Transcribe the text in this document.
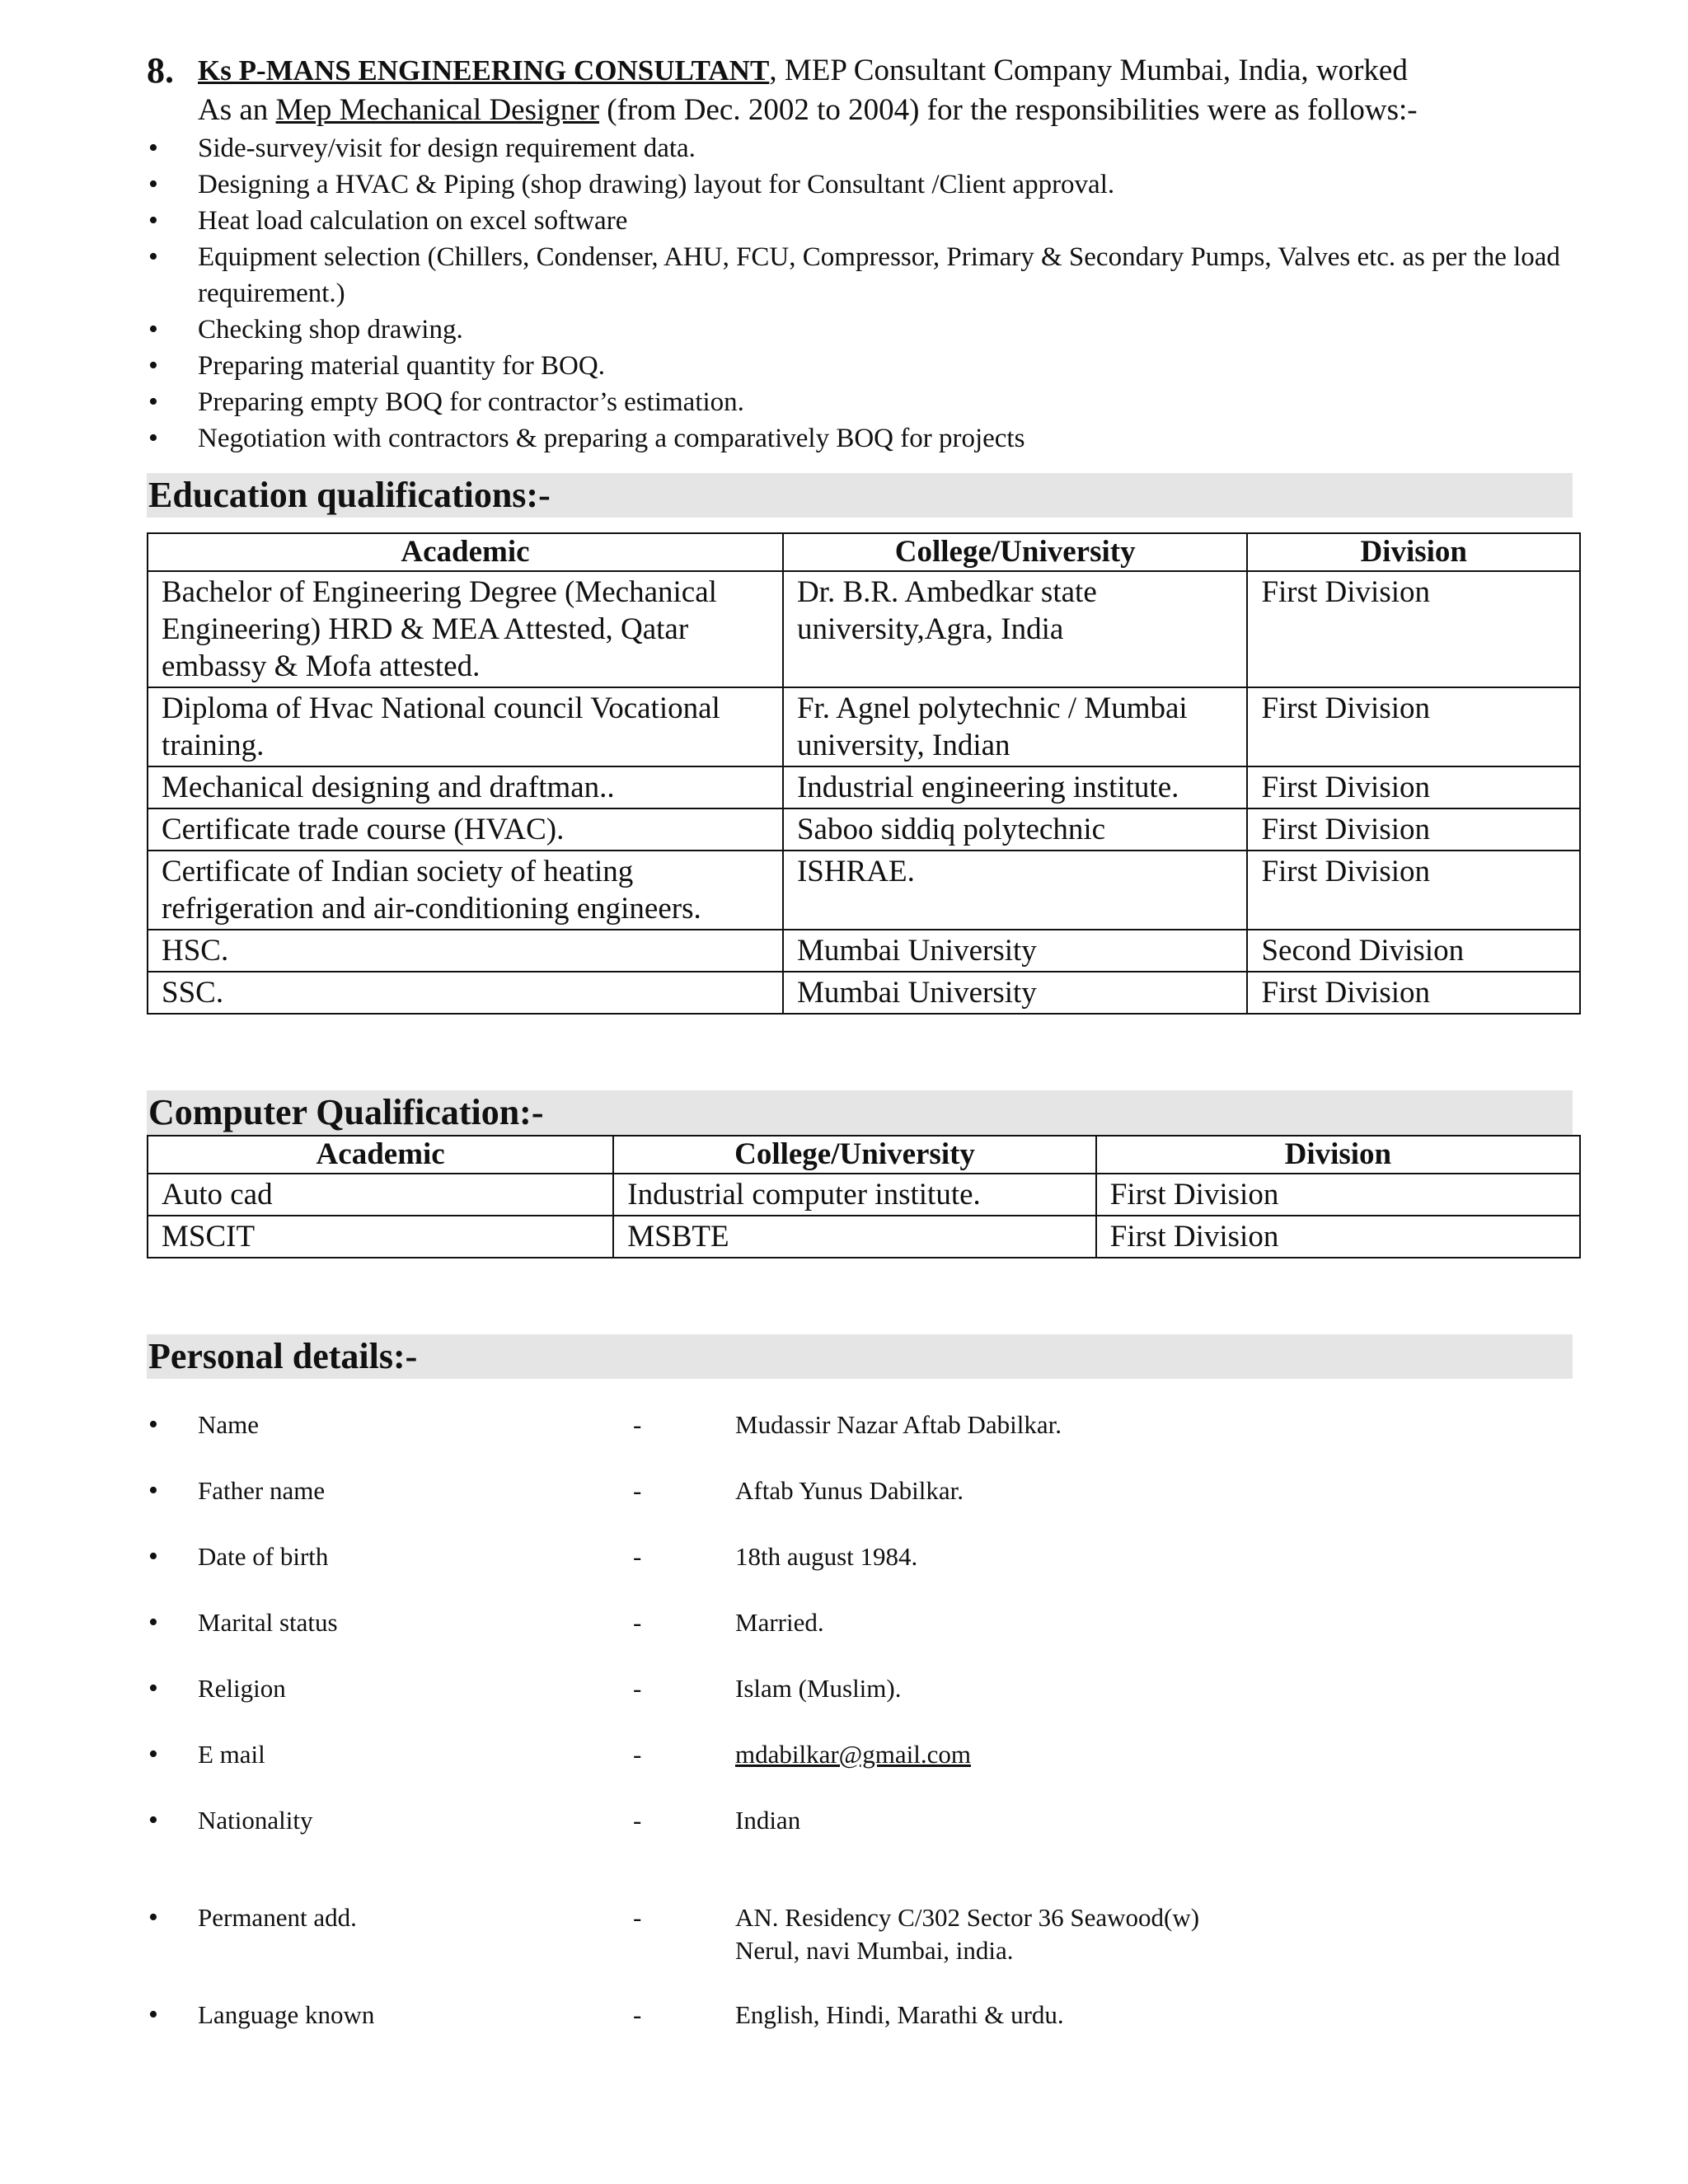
8. Ks P-MANS ENGINEERING CONSULTANT, MEP Consultant Company Mumbai, India, worked
As an Mep Mechanical Designer (from Dec. 2002 to 2004) for the responsibilities were as follows:-
• Side-survey/visit for design requirement data.
• Designing a HVAC & Piping (shop drawing) layout for Consultant /Client approval.
• Heat load calculation on excel software
• Equipment selection (Chillers, Condenser, AHU, FCU, Compressor, Primary & Secondary Pumps, Valves etc. as per the load requirement.)
• Checking shop drawing.
• Preparing material quantity for BOQ.
• Preparing empty BOQ for contractor’s estimation.
• Negotiation with contractors & preparing a comparatively BOQ for projects
Education qualifications:-
Academic	College/University	Division
Bachelor of Engineering Degree (Mechanical Engineering) HRD & MEA Attested, Qatar embassy & Mofa attested.	Dr. B.R. Ambedkar state university,Agra, India	First Division
Diploma of Hvac National council Vocational training.	Fr. Agnel polytechnic / Mumbai university, Indian	First Division
Mechanical designing and draftman..	Industrial engineering institute.	First Division
Certificate trade course (HVAC).	Saboo siddiq polytechnic	First Division
Certificate of Indian society of heating refrigeration and air-conditioning engineers.	ISHRAE.	First Division
HSC.	Mumbai University	Second Division
SSC.	Mumbai University	First Division
Computer Qualification:-
Academic	College/University	Division
Auto cad	Industrial computer institute.	First Division
MSCIT	MSBTE	First Division
Personal details:-
• Name	-	Mudassir Nazar Aftab Dabilkar.
• Father name	-	Aftab Yunus Dabilkar.
• Date of birth	-	18th august 1984.
• Marital status	-	Married.
• Religion	-	Islam (Muslim).
• E mail	-	mdabilkar@gmail.com
• Nationality	-	Indian
• Permanent add.	-	AN. Residency C/302 Sector 36 Seawood(w)
Nerul, navi Mumbai, india.
• Language known	-	English, Hindi, Marathi & urdu.
